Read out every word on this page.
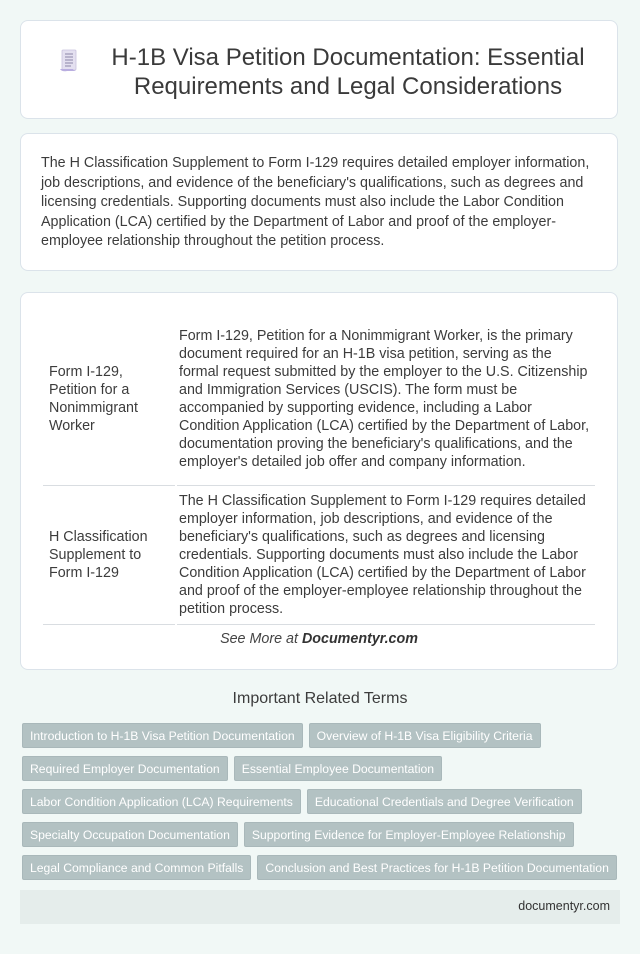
H-1B Visa Petition Documentation: Essential Requirements and Legal Considerations

The H Classification Supplement to Form I-129 requires detailed employer information, job descriptions, and evidence of the beneficiary's qualifications, such as degrees and licensing credentials. Supporting documents must also include the Labor Condition Application (LCA) certified by the Department of Labor and proof of the employer-employee relationship throughout the petition process.

Form I-129, Petition for a Nonimmigrant Worker	Form I-129, Petition for a Nonimmigrant Worker, is the primary document required for an H-1B visa petition, serving as the formal request submitted by the employer to the U.S. Citizenship and Immigration Services (USCIS). The form must be accompanied by supporting evidence, including a Labor Condition Application (LCA) certified by the Department of Labor, documentation proving the beneficiary's qualifications, and the employer's detailed job offer and company information.
H Classification Supplement to Form I-129	The H Classification Supplement to Form I-129 requires detailed employer information, job descriptions, and evidence of the beneficiary's qualifications, such as degrees and licensing credentials. Supporting documents must also include the Labor Condition Application (LCA) certified by the Department of Labor and proof of the employer-employee relationship throughout the petition process.
See More at Documentyr.com
Important Related Terms
Introduction to H-1B Visa Petition Documentation	Overview of H-1B Visa Eligibility Criteria
Required Employer Documentation	Essential Employee Documentation
Labor Condition Application (LCA) Requirements	Educational Credentials and Degree Verification
Specialty Occupation Documentation	Supporting Evidence for Employer-Employee Relationship
Legal Compliance and Common Pitfalls	Conclusion and Best Practices for H-1B Petition Documentation
documentyr.com
